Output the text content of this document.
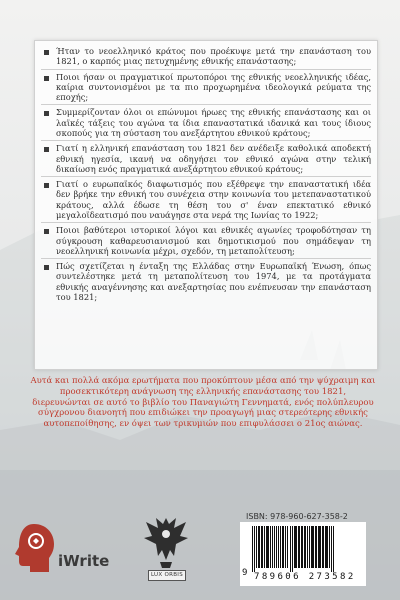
Ήταν το νεοελληνικό κράτος που προέκυψε μετά την επανάσταση του 1821, ο καρπός μιας πετυχημένης εθνικής επανάστασης;
Ποιοι ήσαν οι πραγματικοί πρωτοπόροι της εθνικής νεοελληνικής ιδέας, καίρια συντονισμένοι με τα πιο προχωρημένα ιδεολογικά ρεύματα της εποχής;
Συμμερίζονταν όλοι οι επώνυμοι ήρωες της εθνικής επανάστασης και οι λαϊκές τάξεις του αγώνα τα ίδια επαναστατικά ιδανικά και τους ίδιους σκοπούς για τη σύσταση του ανεξάρτητου εθνικού κράτους;
Γιατί η ελληνική επανάσταση του 1821 δεν ανέδειξε καθολικά αποδεκτή εθνική ηγεσία, ικανή να οδηγήσει τον εθνικό αγώνα στην τελική δικαίωση ενός πραγματικά ανεξάρτητου εθνικού κράτους;
Γιατί ο ευρωπαϊκός διαφωτισμός που εξέθρεψε την επαναστατική ιδέα δεν βρήκε την εθνική του συνέχεια στην κοινωνία του μετεπαναστατικού κράτους, αλλά έδωσε τη θέση του σ' έναν επεκτατικό εθνικό μεγαλοϊδεατισμό που ναυάγησε στα νερά της Ιωνίας το 1922;
Ποιοι βαθύτεροι ιστορικοί λόγοι και εθνικές αγωνίες τροφοδότησαν τη σύγκρουση καθαρευσιανισμού και δημοτικισμού που σημάδεψαν τη νεοελληνική κοινωνία μέχρι, σχεδόν, τη μεταπολίτευση;
Πώς σχετίζεται η ένταξη της Ελλάδας στην Ευρωπαϊκή Ένωση, όπως συντελέστηκε μετά τη μεταπολίτευση του 1974, με τα προτάγματα εθνικής αναγέννησης και ανεξαρτησίας που ενέπνευσαν την επανάσταση του 1821;

Αυτά και πολλά ακόμα ερωτήματα που προκύπτουν μέσα από την ψύχραιμη και προσεκτικότερη ανάγνωση της ελληνικής επανάστασης του 1821, διερευνώνται σε αυτό το βιβλίο του Παναγιώτη Γεννηματά, ενός πολύπλευρου σύγχρονου διανοητή που επιδιώκει την προαγωγή μιας στερεότερης εθνικής αυτοπεποίθησης, εν όψει των τρικυμιών που επιφυλάσσει ο 21ος αιώνας.

iWrite
LUX ORBIS
ISBN: 978-960-627-358-2
9 789606 273582
